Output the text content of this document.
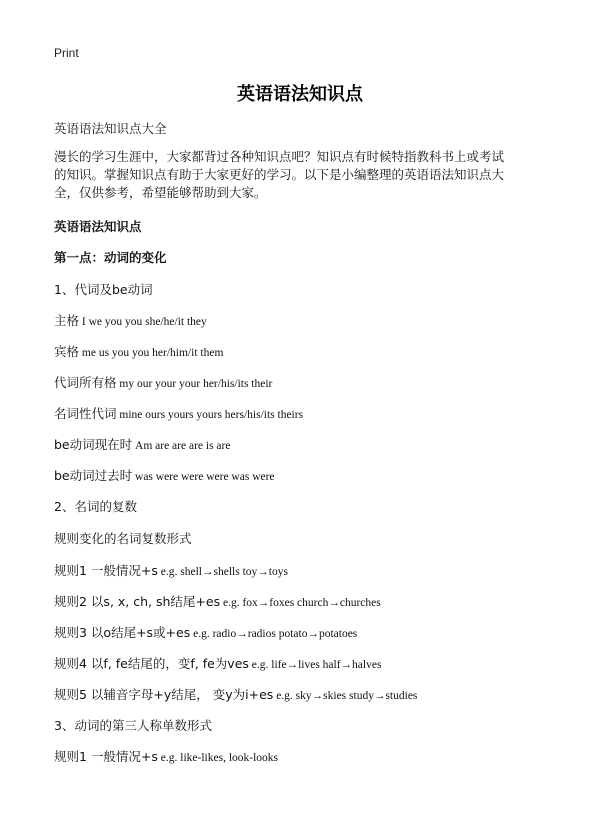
Print
英语语法知识点
英语语法知识点大全

漫长的学习生涯中，大家都背过各种知识点吧？知识点有时候特指教科书上或考试

的知识。掌握知识点有助于大家更好的学习。以下是小编整理的英语语法知识点大

全，仅供参考，希望能够帮助到大家。

英语语法知识点
第一点：动词的变化
1、代词及be动词
主格 I we you you she/he/it they
宾格 me us you you her/him/it them
代词所有格 my our your your her/his/its their
名词性代词 mine ours yours yours hers/his/its theirs
be动词现在时 Am are are are is are
be动词过去时 was were were were was were
2、名词的复数
规则变化的名词复数形式
规则1 一般情况+s e.g. shell→shells toy→toys
规则2 以s, x, ch, sh结尾+es e.g. fox→foxes church→churches
规则3 以o结尾+s或+es e.g. radio→radios potato→potatoes
规则4 以f, fe结尾的，变f, fe为ves e.g. life→lives half→halves
规则5 以辅音字母+y结尾， 变y为i+es e.g. sky→skies study→studies
3、动词的第三人称单数形式
规则1 一般情况+s e.g. like-likes, look-looks
